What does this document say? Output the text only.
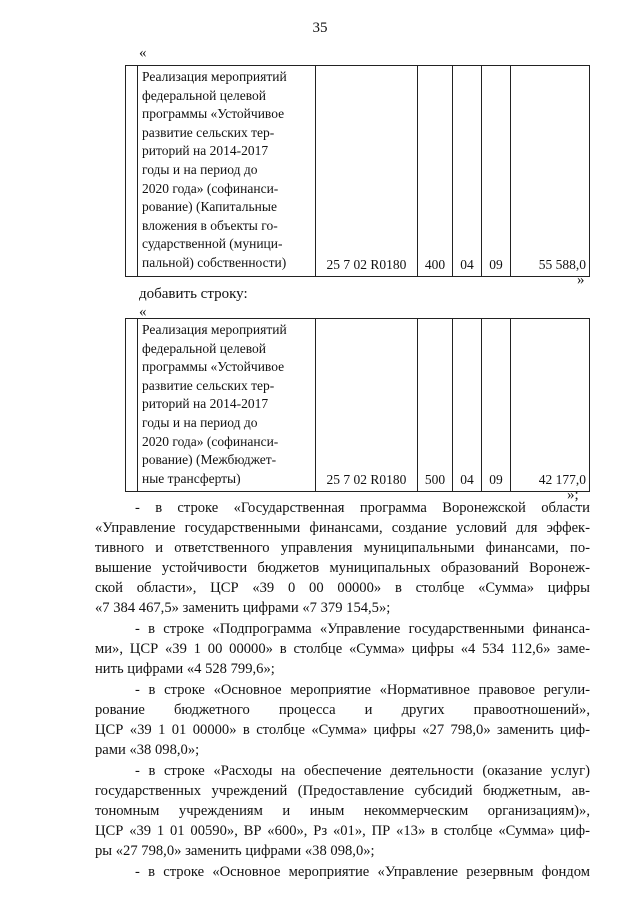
35
«

Реализация мероприятий
федеральной целевой
программы «Устойчивое
развитие сельских тер-
риторий на 2014-2017
годы и на период до
2020 года» (софинанси-
рование) (Капитальные
вложения в объекты го-
сударственной (муници-
пальной) собственности)	25 7 02 R0180	400	04	09	55 588,0
»
добавить строку:
«

Реализация мероприятий
федеральной целевой
программы «Устойчивое
развитие сельских тер-
риторий на 2014-2017
годы и на период до
2020 года» (софинанси-
рование) (Межбюджет-
ные трансферты)	25 7 02 R0180	500	04	09	42 177,0
»;
- в строке «Государственная программа Воронежской области
«Управление государственными финансами, создание условий для эффек-
тивного и ответственного управления муниципальными финансами, по-
вышение устойчивости бюджетов муниципальных образований Воронеж-
ской области», ЦСР «39 0 00 00000» в столбце «Сумма» цифры
«7 384 467,5» заменить цифрами «7 379 154,5»;
- в строке «Подпрограмма «Управление государственными финанса-
ми», ЦСР «39 1 00 00000» в столбце «Сумма» цифры «4 534 112,6» заме-
нить цифрами «4 528 799,6»;
- в строке «Основное мероприятие «Нормативное правовое регули-
рование бюджетного процесса и других правоотношений»,
ЦСР «39 1 01 00000» в столбце «Сумма» цифры «27 798,0» заменить циф-
рами «38 098,0»;
- в строке «Расходы на обеспечение деятельности (оказание услуг)
государственных учреждений (Предоставление субсидий бюджетным, ав-
тономным учреждениям и иным некоммерческим организациям)»,
ЦСР «39 1 01 00590», ВР «600», Рз «01», ПР «13» в столбце «Сумма» циф-
ры «27 798,0» заменить цифрами «38 098,0»;
- в строке «Основное мероприятие «Управление резервным фондом
